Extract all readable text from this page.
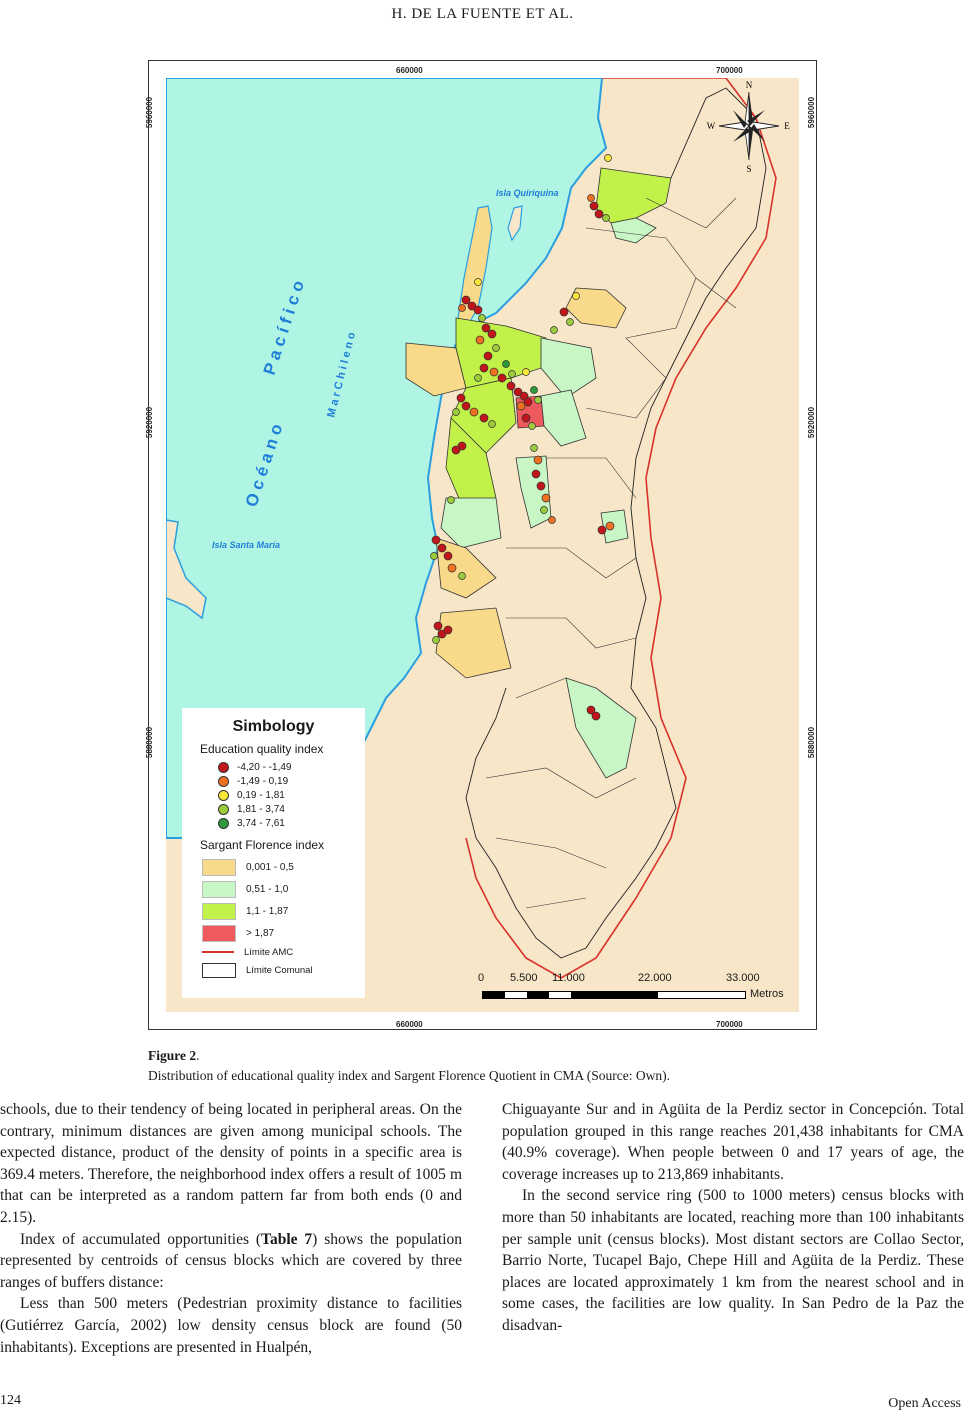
H. DE LA FUENTE ET AL.
660000	700000
660000	700000
5960000
5920000
5880000
5960000
5920000
5880000
N
S
E
W
O c é a n o
P a c í f i c o M a r C h i l e n o
Isla Quiriquina
Isla Santa María
Simbology
Education quality index
-4,20 - -1,49
-1,49 - 0,19
0,19 - 1,81
1,81 - 3,74
3,74 - 7,61
Sargant Florence index
0,001 - 0,5
0,51 - 1,0
1,1 - 1,87
> 1,87
Límite AMC
Límite Comunal
0 5.500 11.000	22.000	33.000
Metros
Figure 2.
Distribution of educational quality index and Sargent Florence Quotient in CMA (Source: Own).

schools, due to their tendency of being located in peripheral areas. On the contrary, minimum distances are given among municipal schools. The expected distance, product of the density of points in a specific area is 369.4 meters. Therefore, the neighborhood index offers a result of 1005 m that can be interpreted as a random pattern far from both ends (0 and 2.15).

Index of accumulated opportunities (Table 7) shows the population represented by centroids of census blocks which are covered by three ranges of buffers distance:

Less than 500 meters (Pedestrian proximity distance to facilities (Gutiérrez García, 2002) low density census block are found (50 inhabitants). Exceptions are presented in Hualpén,

Chiguayante Sur and in Agüita de la Perdiz sector in Concepción. Total population grouped in this range reaches 201,438 inhabitants for CMA (40.9% coverage). When people between 0 and 17 years of age, the coverage increases up to 213,869 inhabitants.

In the second service ring (500 to 1000 meters) census blocks with more than 50 inhabitants are located, reaching more than 100 inhabitants per sample unit (census blocks). Most distant sectors are Collao Sector, Barrio Norte, Tucapel Bajo, Chepe Hill and Agüita de la Perdiz. These places are located approximately 1 km from the nearest school and in some cases, the facilities are low quality. In San Pedro de la Paz the disadvan-

124	Open Access
